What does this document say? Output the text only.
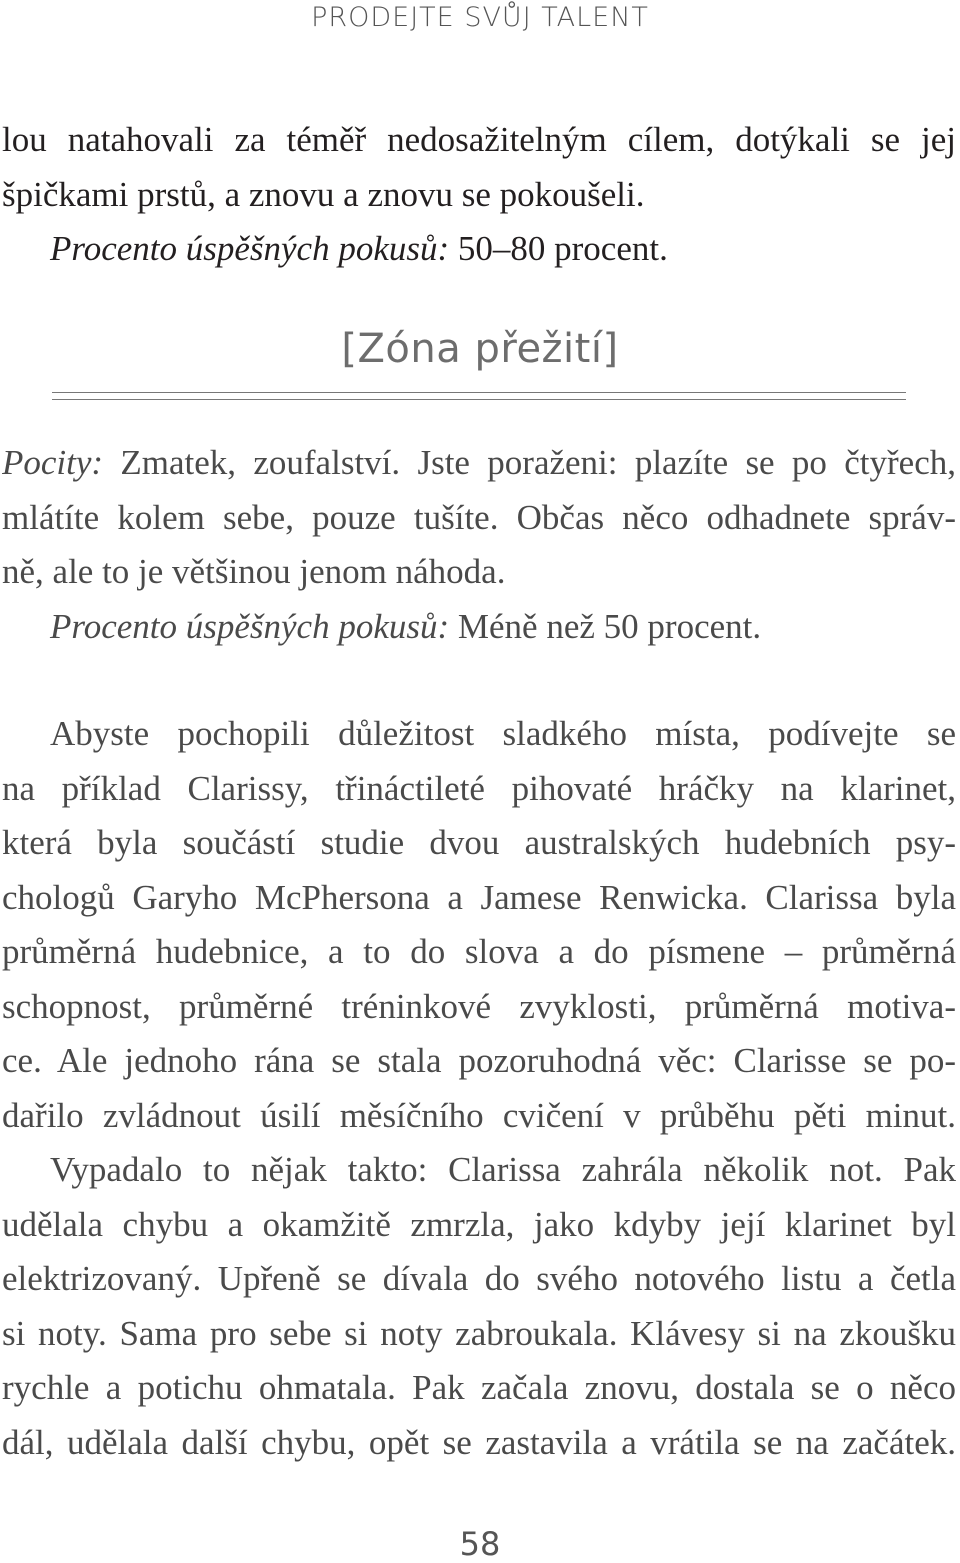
PRODEJTE SVŮJ TALENT
lou natahovali za téměř nedosažitelným cílem, dotýkali se jej
špičkami prstů, a znovu a znovu se pokoušeli.
Procento úspěšných pokusů: 50–80 procent.
[Zóna přežití]
Pocity: Zmatek, zoufalství. Jste poraženi: plazíte se po čtyřech,
mlátíte kolem sebe, pouze tušíte. Občas něco odhadnete správ-
ně, ale to je většinou jenom náhoda.
Procento úspěšných pokusů: Méně než 50 procent.
Abyste pochopili důležitost sladkého místa, podívejte se
na příklad Clarissy, třináctileté pihovaté hráčky na klarinet,
která byla součástí studie dvou australských hudebních psy-
chologů Garyho McPhersona a Jamese Renwicka. Clarissa byla
průměrná hudebnice, a to do slova a do písmene – průměrná
schopnost, průměrné tréninkové zvyklosti, průměrná motiva-
ce. Ale jednoho rána se stala pozoruhodná věc: Clarisse se po-
dařilo zvládnout úsilí měsíčního cvičení v průběhu pěti minut.
Vypadalo to nějak takto: Clarissa zahrála několik not. Pak
udělala chybu a okamžitě zmrzla, jako kdyby její klarinet byl
elektrizovaný. Upřeně se dívala do svého notového listu a četla
si noty. Sama pro sebe si noty zabroukala. Klávesy si na zkoušku
rychle a potichu ohmatala. Pak začala znovu, dostala se o něco
dál, udělala další chybu, opět se zastavila a vrátila se na začátek.
58
